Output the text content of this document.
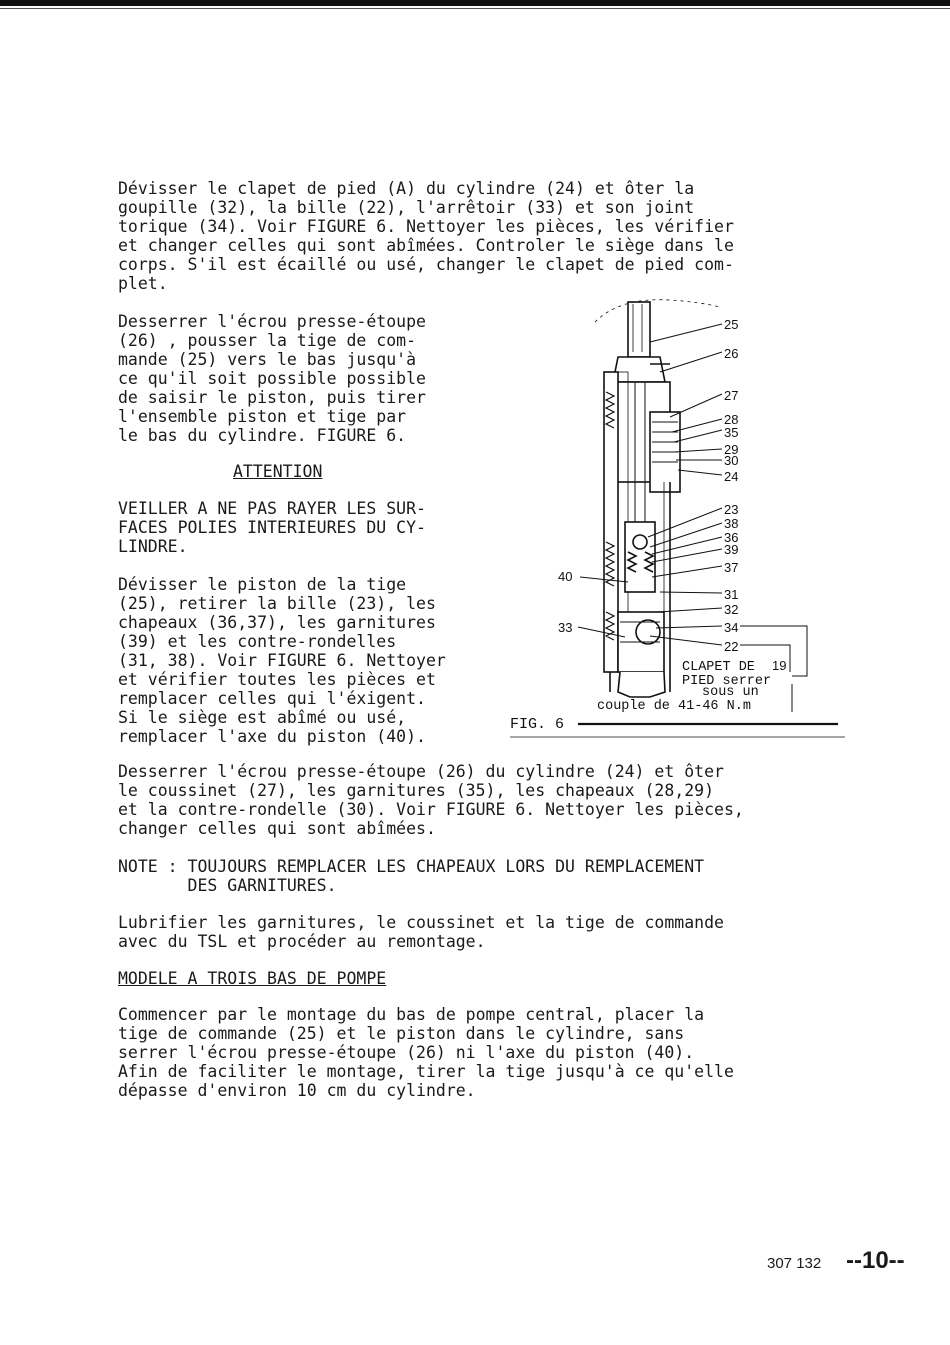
Dévisser le clapet de pied (A) du cylindre (24) et ôter la
goupille (32), la bille (22), l'arrêtoir (33) et son joint
torique (34). Voir FIGURE 6. Nettoyer les pièces, les vérifier
et changer celles qui sont abîmées. Controler le siège dans le
corps. S'il est écaillé ou usé, changer le clapet de pied com-
plet.
Desserrer l'écrou presse-étoupe
(26) , pousser la tige de com-
mande (25) vers le bas jusqu'à
ce qu'il soit possible possible
de saisir le piston, puis tirer
l'ensemble piston et tige par
le bas du cylindre. FIGURE 6.
ATTENTION
VEILLER A NE PAS RAYER LES SUR-
FACES POLIES INTERIEURES DU CY-
LINDRE.
Dévisser le piston de la tige
(25), retirer la bille (23), les
chapeaux (36,37), les garnitures
(39) et les contre-rondelles
(31, 38). Voir FIGURE 6. Nettoyer
et vérifier toutes les pièces et
remplacer celles qui l'éxigent.
Si le siège est abîmé ou usé,
remplacer l'axe du piston (40).
25
26
27
28
35
29
30
24
23
38
36
39
37
31
32
34
22
40
33
CLAPET DE 19
PIED serrer
sous un
couple de 41-46 N.m
FIG. 6
Desserrer l'écrou presse-étoupe (26) du cylindre (24) et ôter
le coussinet (27), les garnitures (35), les chapeaux (28,29)
et la contre-rondelle (30). Voir FIGURE 6. Nettoyer les pièces,
changer celles qui sont abîmées.
NOTE : TOUJOURS REMPLACER LES CHAPEAUX LORS DU REMPLACEMENT
DES GARNITURES.
Lubrifier les garnitures, le coussinet et la tige de commande
avec du TSL et procéder au remontage.
MODELE A TROIS BAS DE POMPE
Commencer par le montage du bas de pompe central, placer la
tige de commande (25) et le piston dans le cylindre, sans
serrer l'écrou presse-étoupe (26) ni l'axe du piston (40).
Afin de faciliter le montage, tirer la tige jusqu'à ce qu'elle
dépasse d'environ 10 cm du cylindre.
307 132 --10--
